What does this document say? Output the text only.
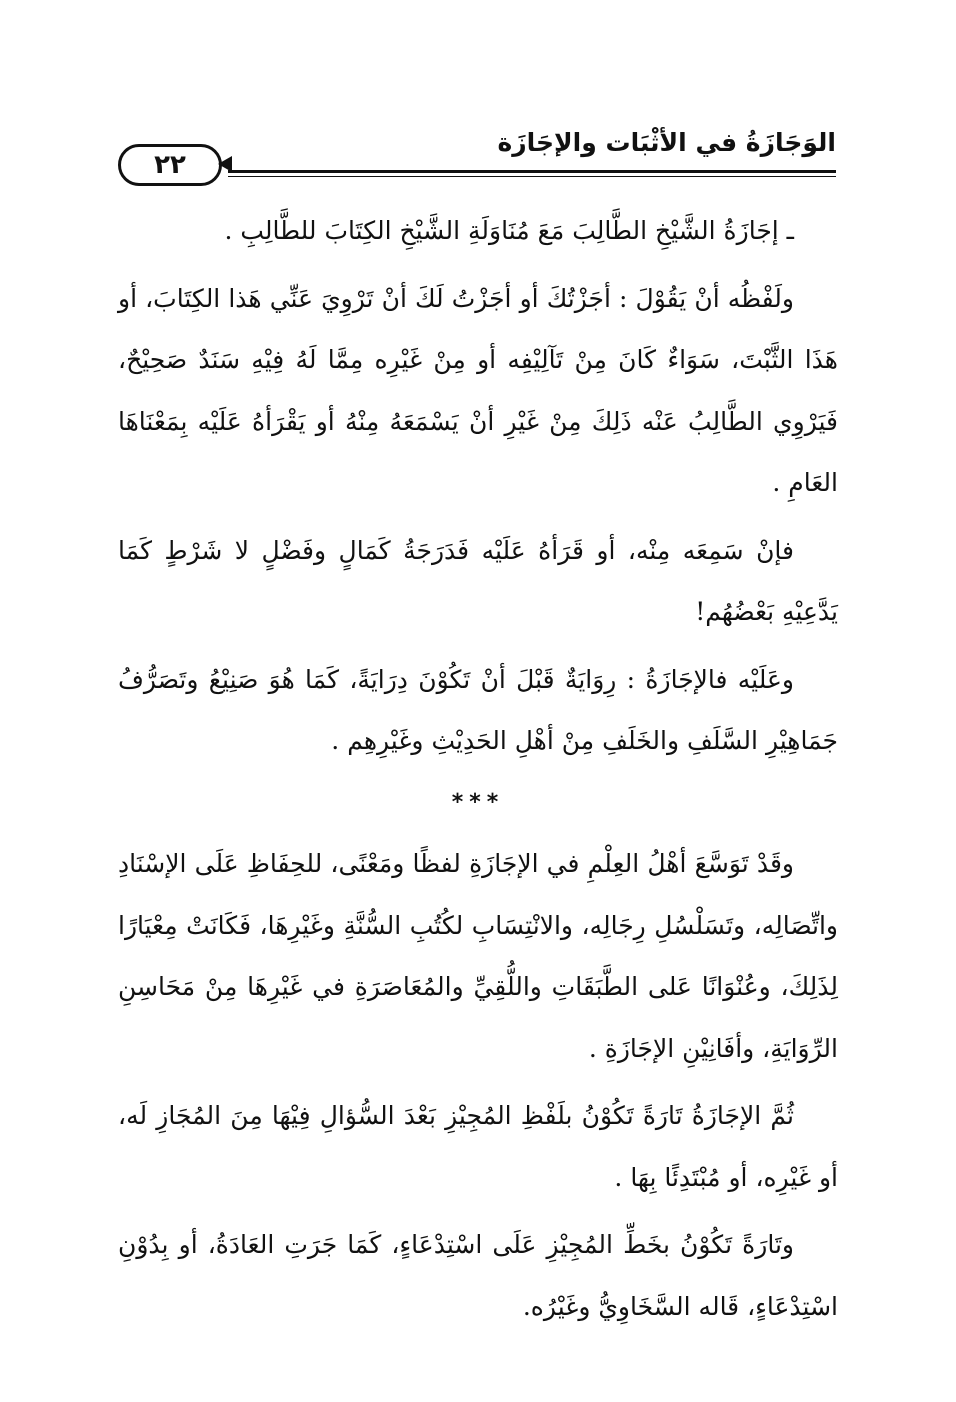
الوَجَازَةُ في الأثْبَات والإجَازَة
٢٢

ـ إجَازَةُ الشَّيْخِ الطَّالِبَ مَعَ مُنَاوَلَةِ الشَّيْخِ الكِتَابَ للطَّالِبِ .

ولَفْظُه أنْ يَقُوْلَ : أجَزْتُكَ أو أجَزْتُ لَكَ أنْ تَرْوِيَ عَنِّي هَذا الكِتَابَ، أو هَذَا الثَّبْتَ، سَوَاءٌ كَانَ مِنْ تَآلِيْفِه أو مِنْ غَيْرِه مِمَّا لَهُ فِيْهِ سَنَدٌ صَحِيْحٌ، فَيَرْوِي الطَّالِبُ عَنْه ذَلِكَ مِنْ غَيْرِ أنْ يَسْمَعَهُ مِنْهُ أو يَقْرَأهُ عَلَيْه بِمَعْنَاهَا العَامِ .

فإنْ سَمِعَه مِنْه، أو قَرَأهُ عَلَيْه فَدَرَجَةُ كَمَالٍ وفَضْلٍ لا شَرْطٍ كَمَا يَدَّعِيْهِ بَعْضُهُم!

وعَلَيْه فالإجَازَةُ : رِوَايَةٌ قَبْلَ أنْ تَكُوْنَ دِرَايَةً، كَمَا هُوَ صَنِيْعُ وتَصَرُّفُ جَمَاهِيْرِ السَّلَفِ والخَلَفِ مِنْ أهْلِ الحَدِيْثِ وغَيْرِهِم .

***

وقَدْ تَوَسَّعَ أهْلُ العِلْمِ في الإجَازَةِ لفظًا ومَعْنًى، للحِفَاظِ عَلَى الإسْنَادِ واتِّصَالِه، وتَسَلْسُلِ رِجَالِه، والانْتِسَابِ لكُتُبِ السُّنَّةِ وغَيْرِهَا، فَكَانَتْ مِعْيَارًا لِذَلِكَ، وعُنْوَانًا عَلى الطَّبَقَاتِ واللُّقِيِّ والمُعَاصَرَةِ في غَيْرِهَا مِنْ مَحَاسِنِ الرِّوَايَةِ، وأفَانِيْنِ الإجَازَةِ .

ثُمَّ الإجَازَةُ تَارَةً تَكُوْنُ بلَفْظِ المُجِيْزِ بَعْدَ السُّؤالِ فِيْهَا مِنَ المُجَازِ لَه، أو غَيْرِه، أو مُبْتَدِئًا بِهَا .

وتَارَةً تَكُوْنُ بخَطِّ المُجِيْزِ عَلَى اسْتِدْعَاءٍ، كَمَا جَرَتِ العَادَةُ، أو بِدُوْنِ اسْتِدْعَاءٍ، قَاله السَّخَاوِيُّ وغَيْرُه.
